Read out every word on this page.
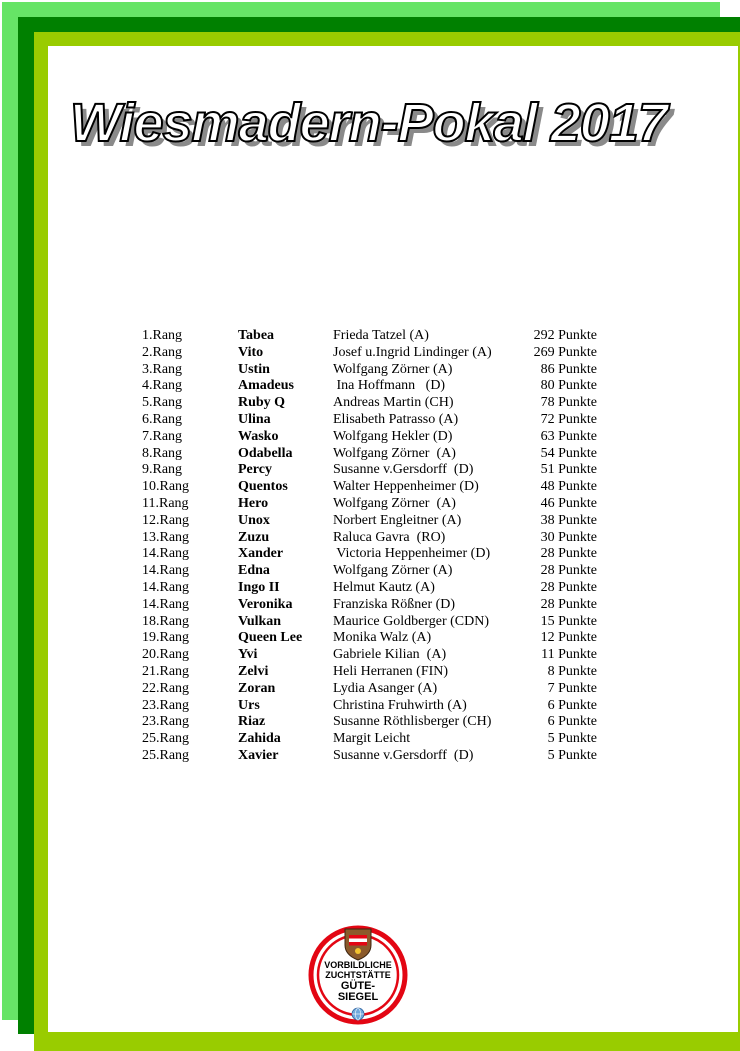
Wiesmadern-Pokal 2017
1.Rang	Tabea	Frieda Tatzel (A)	292 Punkte
2.Rang	Vito	Josef u.Ingrid Lindinger (A)	269 Punkte
3.Rang	Ustin	Wolfgang Zörner (A)	86 Punkte
4.Rang	Amadeus	Ina Hoffmann   (D)	80 Punkte
5.Rang	Ruby Q	Andreas Martin (CH)	78 Punkte
6.Rang	Ulina	Elisabeth Patrasso (A)	72 Punkte
7.Rang	Wasko	Wolfgang Hekler (D)	63 Punkte
8.Rang	Odabella	Wolfgang Zörner  (A)	54 Punkte
9.Rang	Percy	Susanne v.Gersdorff  (D)	51 Punkte
10.Rang	Quentos	Walter Heppenheimer (D)	48 Punkte
11.Rang	Hero	Wolfgang Zörner  (A)	46 Punkte
12.Rang	Unox	Norbert Engleitner (A)	38 Punkte
13.Rang	Zuzu	Raluca Gavra  (RO)	30 Punkte
14.Rang	Xander	Victoria Heppenheimer (D)	28 Punkte
14.Rang	Edna	Wolfgang Zörner (A)	28 Punkte
14.Rang	Ingo II	Helmut Kautz (A)	28 Punkte
14.Rang	Veronika	Franziska Rößner (D)	28 Punkte
18.Rang	Vulkan	Maurice Goldberger (CDN)	15 Punkte
19.Rang	Queen Lee	Monika Walz (A)	12 Punkte
20.Rang	Yvi	Gabriele Kilian  (A)	11 Punkte
21.Rang	Zelvi	Heli Herranen (FIN)	8 Punkte
22.Rang	Zoran	Lydia Asanger (A)	7 Punkte
23.Rang	Urs	Christina Fruhwirth (A)	6 Punkte
23.Rang	Riaz	Susanne Röthlisberger (CH)	6 Punkte
25.Rang	Zahida	Margit Leicht	5 Punkte
25.Rang	Xavier	Susanne v.Gersdorff  (D)	5 Punkte
VORBILDLICHE
ZUCHTSTÄTTE
GÜTE-
SIEGEL
